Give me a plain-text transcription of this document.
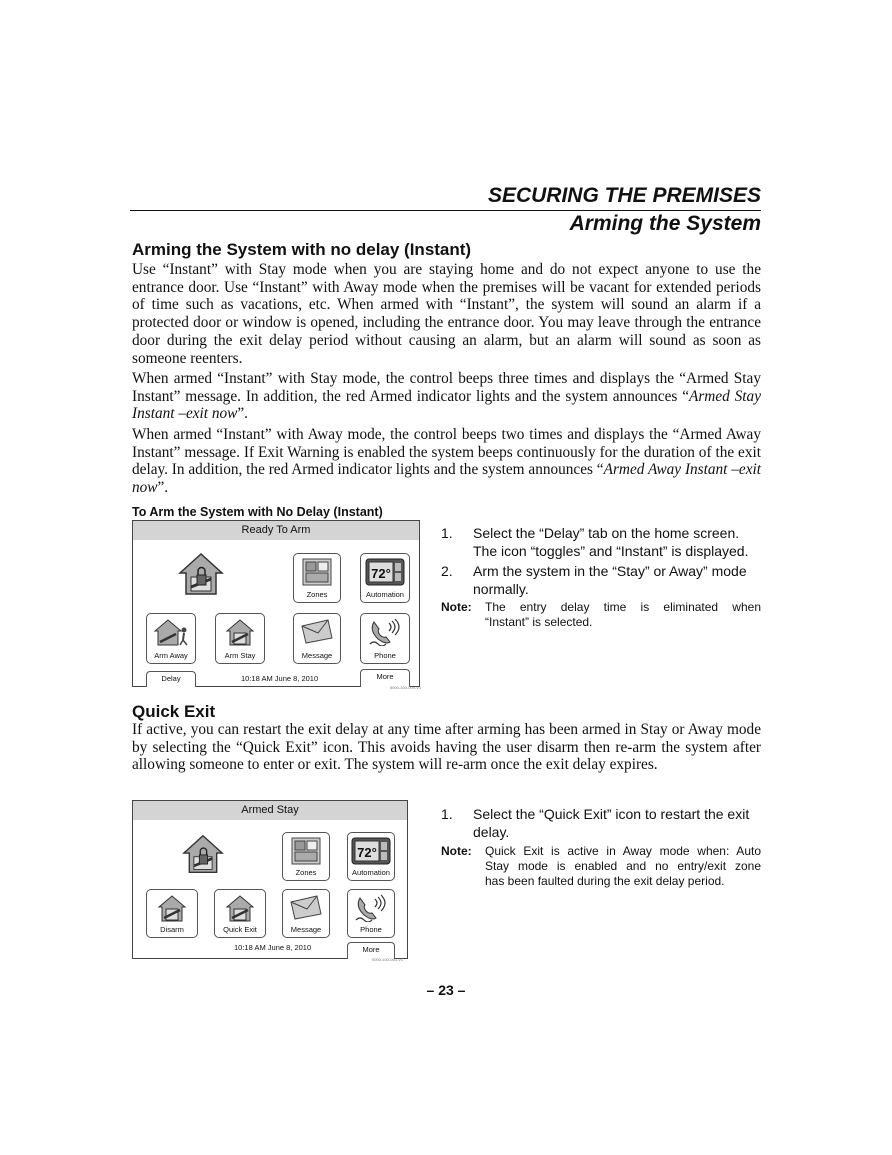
SECURING THE PREMISES
Arming the System
Arming the System with no delay (Instant)
Use “Instant” with Stay mode when you are staying home and do not expect anyone to use the entrance door. Use “Instant” with Away mode when the premises will be vacant for extended periods of time such as vacations, etc. When armed with “Instant”, the system will sound an alarm if a protected door or window is opened, including the entrance door. You may leave through the entrance door during the exit delay period without causing an alarm, but an alarm will sound as soon as someone reenters.
When armed “Instant” with Stay mode, the control beeps three times and displays the “Armed Stay Instant” message. In addition, the red Armed indicator lights and the system announces “Armed Stay Instant –exit now”.
When armed “Instant” with Away mode, the control beeps two times and displays the “Armed Away Instant” message. If Exit Warning is enabled the system beeps continuously for the duration of the exit delay. In addition, the red Armed indicator lights and the system announces “Armed Away Instant –exit now”.
To Arm the System with No Delay (Instant)
Ready To Arm
Zones
72°
Automation
Arm Away	Arm Stay	Message	Phone
Delay	10:18 AM June 8, 2010	More
5000-100-009-V1
1. Select the “Delay” tab on the home screen.
The icon “toggles” and “Instant” is displayed.
2. Arm the system in the “Stay” or Away” mode
normally.
Note: The entry delay time is eliminated when
“Instant” is selected.
Quick Exit
If active, you can restart the exit delay at any time after arming has been armed in Stay or Away mode by selecting the “Quick Exit” icon. This avoids having the user disarm then re-arm the system after allowing someone to enter or exit. The system will re-arm once the exit delay expires.
Armed Stay
Zones
72°
Automation
Disarm	Quick Exit	Message	Phone
10:18 AM June 8, 2010	More
5000-100-060-V1
1. Select the “Quick Exit” icon to restart the exit
delay.
Note: Quick Exit is active in Away mode when: Auto
Stay mode is enabled and no entry/exit zone
has been faulted during the exit delay period.
– 23 –
